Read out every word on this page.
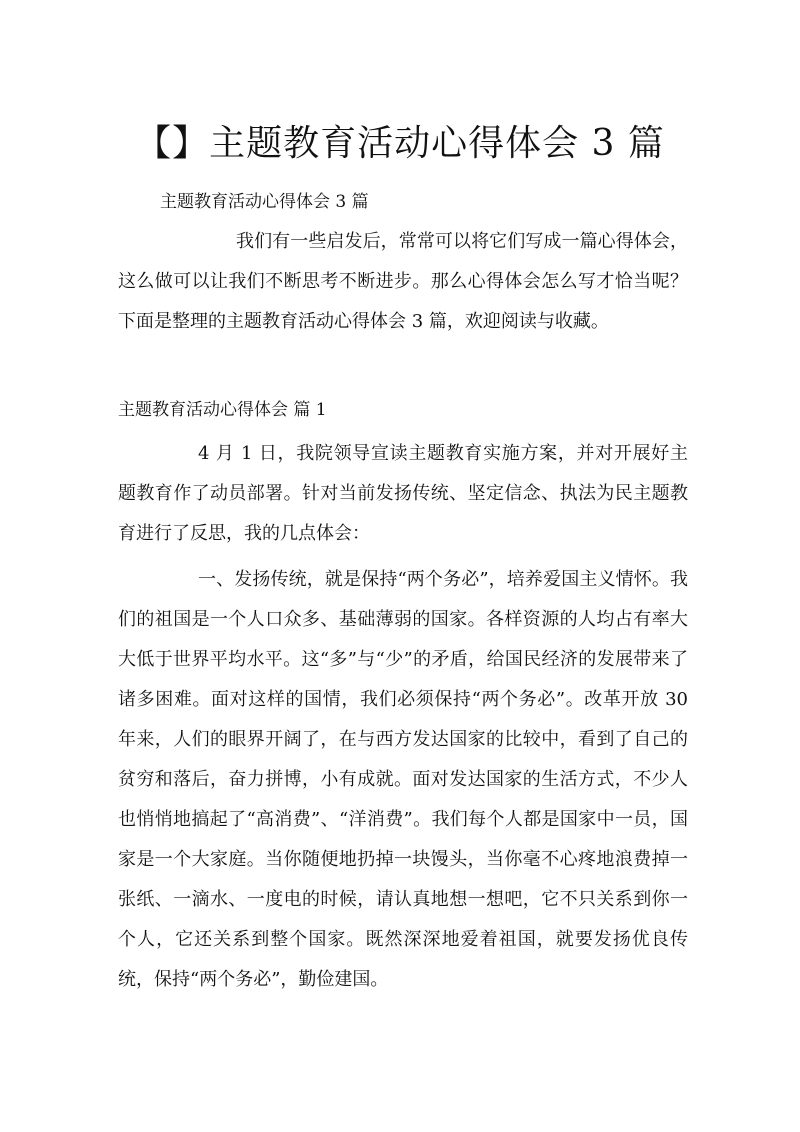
【】主题教育活动心得体会 3 篇

主题教育活动心得体会 3 篇

我们有一些启发后，常常可以将它们写成一篇心得体会，这么做可以让我们不断思考不断进步。那么心得体会怎么写才恰当呢？下面是整理的主题教育活动心得体会 3 篇，欢迎阅读与收藏。

主题教育活动心得体会 篇 1

4 月 1 日，我院领导宣读主题教育实施方案，并对开展好主题教育作了动员部署。针对当前发扬传统、坚定信念、执法为民主题教育进行了反思，我的几点体会：

一、发扬传统，就是保持“两个务必”，培养爱国主义情怀。我们的祖国是一个人口众多、基础薄弱的国家。各样资源的人均占有率大大低于世界平均水平。这“多”与“少”的矛盾，给国民经济的发展带来了诸多困难。面对这样的国情，我们必须保持“两个务必”。改革开放 30 年来，人们的眼界开阔了，在与西方发达国家的比较中，看到了自己的贫穷和落后，奋力拼博，小有成就。面对发达国家的生活方式，不少人也悄悄地搞起了“高消费”、“洋消费”。我们每个人都是国家中一员，国家是一个大家庭。当你随便地扔掉一块馒头，当你毫不心疼地浪费掉一张纸、一滴水、一度电的时候，请认真地想一想吧，它不只关系到你一个人，它还关系到整个国家。既然深深地爱着祖国，就要发扬优良传统，保持“两个务必”，勤俭建国。
